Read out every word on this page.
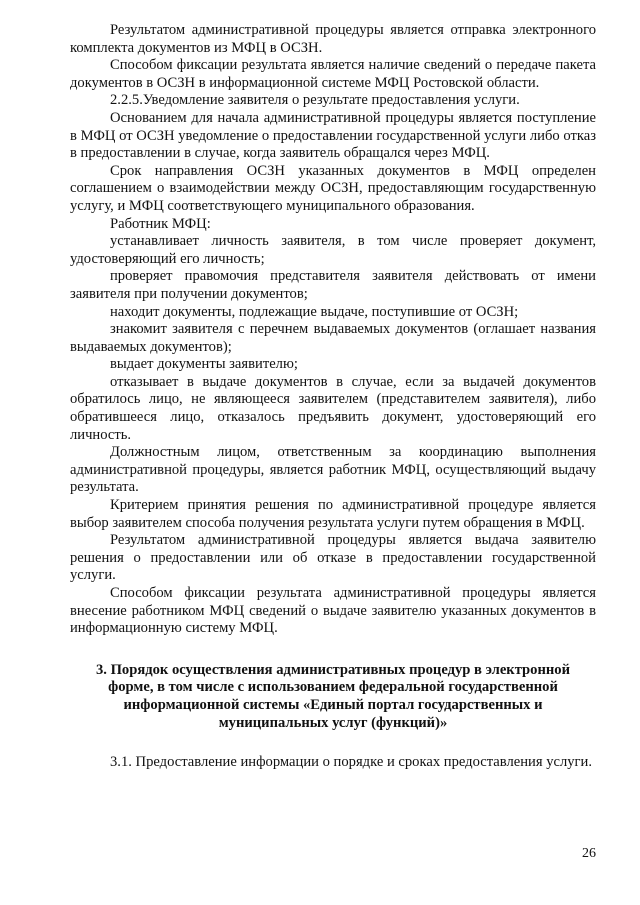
Результатом административной процедуры является отправка электронного комплекта документов из МФЦ в ОСЗН.

Способом фиксации результата является наличие сведений о передаче пакета документов в ОСЗН в информационной системе МФЦ Ростовской области.

2.2.5.Уведомление заявителя о результате предоставления услуги.

Основанием для начала административной процедуры является поступление в МФЦ от ОСЗН уведомление о предоставлении государственной услуги либо отказ в предоставлении в случае, когда заявитель обращался через МФЦ.

Срок направления ОСЗН указанных документов в МФЦ определен соглашением о взаимодействии между ОСЗН, предоставляющим государственную услугу, и МФЦ соответствующего муниципального образования.

Работник МФЦ:

устанавливает личность заявителя, в том числе проверяет документ, удостоверяющий его личность;

проверяет правомочия представителя заявителя действовать от имени заявителя при получении документов;

находит документы, подлежащие выдаче, поступившие от ОСЗН;

знакомит заявителя с перечнем выдаваемых документов (оглашает названия выдаваемых документов);

выдает документы заявителю;

отказывает в выдаче документов в случае, если за выдачей документов обратилось лицо, не являющееся заявителем (представителем заявителя), либо обратившееся лицо, отказалось предъявить документ, удостоверяющий его личность.

Должностным лицом, ответственным за координацию выполнения административной процедуры, является работник МФЦ, осуществляющий выдачу результата.

Критерием принятия решения по административной процедуре является выбор заявителем способа получения результата услуги путем обращения в МФЦ.

Результатом административной процедуры является выдача заявителю решения о предоставлении или об отказе в предоставлении государственной услуги.

Способом фиксации результата административной процедуры является внесение работником МФЦ сведений о выдаче заявителю указанных документов в информационную систему МФЦ.

3. Порядок осуществления административных процедур в электронной форме, в том числе с использованием федеральной государственной информационной системы «Единый портал государственных и муниципальных услуг (функций)»

3.1. Предоставление информации о порядке и сроках предоставления услуги.

26
